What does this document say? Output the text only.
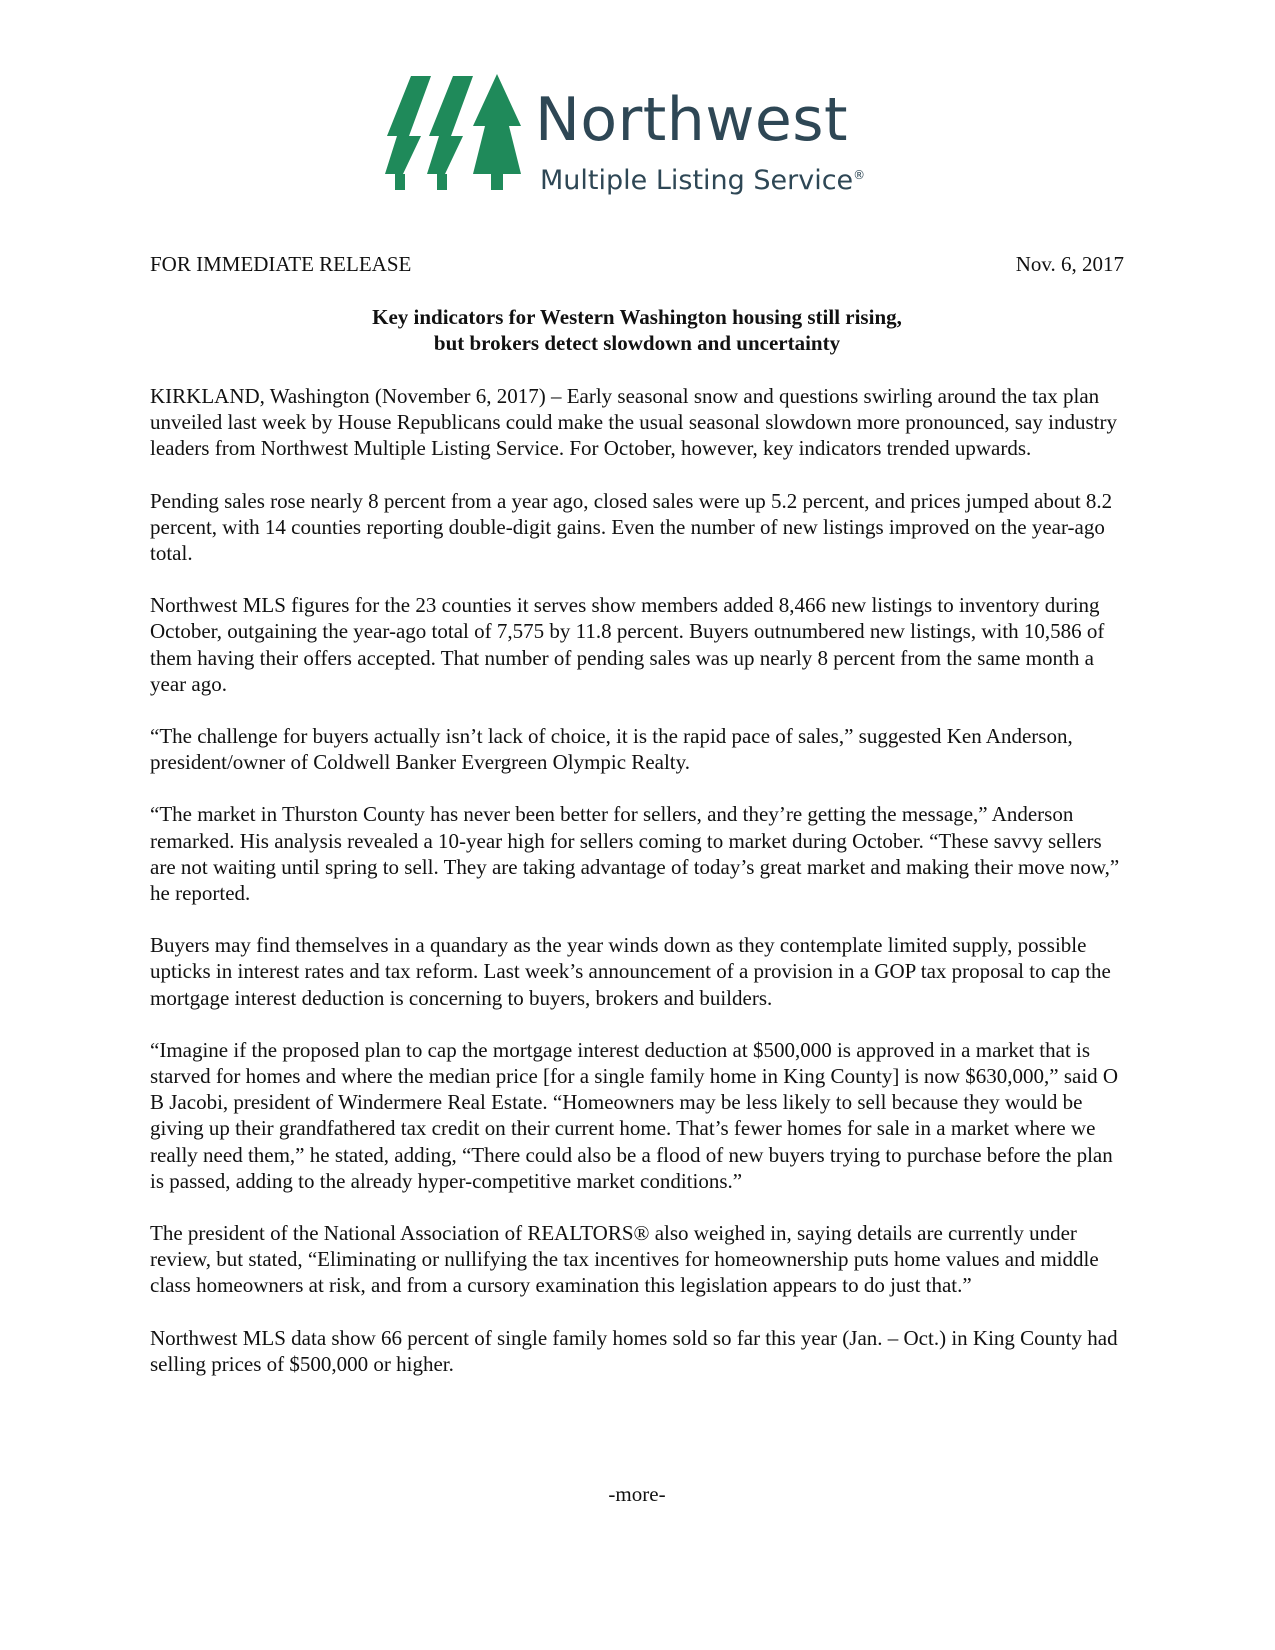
Northwest
Multiple Listing Service®
FOR IMMEDIATE RELEASE	Nov. 6, 2017
Key indicators for Western Washington housing still rising,
but brokers detect slowdown and uncertainty

KIRKLAND, Washington (November 6, 2017) – Early seasonal snow and questions swirling around the tax plan unveiled last week by House Republicans could make the usual seasonal slowdown more pronounced, say industry leaders from Northwest Multiple Listing Service. For October, however, key indicators trended upwards.

Pending sales rose nearly 8 percent from a year ago, closed sales were up 5.2 percent, and prices jumped about 8.2 percent, with 14 counties reporting double-digit gains. Even the number of new listings improved on the year-ago total.

Northwest MLS figures for the 23 counties it serves show members added 8,466 new listings to inventory during October, outgaining the year-ago total of 7,575 by 11.8 percent. Buyers outnumbered new listings, with 10,586 of them having their offers accepted. That number of pending sales was up nearly 8 percent from the same month a year ago.

“The challenge for buyers actually isn’t lack of choice, it is the rapid pace of sales,” suggested Ken Anderson, president/owner of Coldwell Banker Evergreen Olympic Realty.

“The market in Thurston County has never been better for sellers, and they’re getting the message,” Anderson remarked. His analysis revealed a 10-year high for sellers coming to market during October. “These savvy sellers are not waiting until spring to sell. They are taking advantage of today’s great market and making their move now,” he reported.

Buyers may find themselves in a quandary as the year winds down as they contemplate limited supply, possible upticks in interest rates and tax reform. Last week’s announcement of a provision in a GOP tax proposal to cap the mortgage interest deduction is concerning to buyers, brokers and builders.

“Imagine if the proposed plan to cap the mortgage interest deduction at $500,000 is approved in a market that is starved for homes and where the median price [for a single family home in King County] is now $630,000,” said O B Jacobi, president of Windermere Real Estate. “Homeowners may be less likely to sell because they would be giving up their grandfathered tax credit on their current home. That’s fewer homes for sale in a market where we really need them,” he stated, adding, “There could also be a flood of new buyers trying to purchase before the plan is passed, adding to the already hyper-competitive market conditions.”

The president of the National Association of REALTORS® also weighed in, saying details are currently under review, but stated, “Eliminating or nullifying the tax incentives for homeownership puts home values and middle class homeowners at risk, and from a cursory examination this legislation appears to do just that.”

Northwest MLS data show 66 percent of single family homes sold so far this year (Jan. – Oct.) in King County had selling prices of $500,000 or higher.

-more-
